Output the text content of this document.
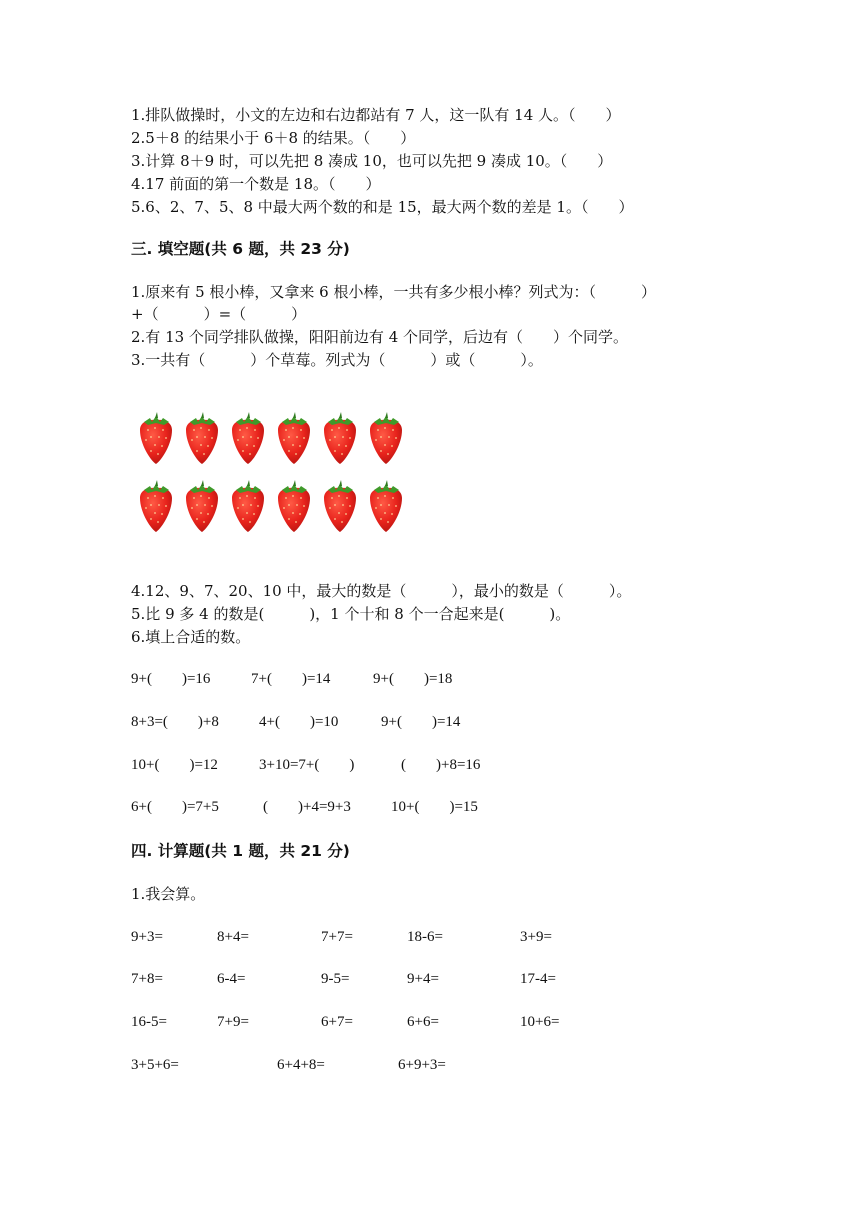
1.排队做操时，小文的左边和右边都站有 7 人，这一队有 14 人。（　　）
2.5＋8 的结果小于 6＋8 的结果。（　　）
3.计算 8＋9 时，可以先把 8 凑成 10，也可以先把 9 凑成 10。（　　）
4.17 前面的第一个数是 18。（　　）
5.6、2、7、5、8 中最大两个数的和是 15，最大两个数的差是 1。（　　）
三. 填空题(共 6 题，共 23 分)
1.原来有 5 根小棒，又拿来 6 根小棒，一共有多少根小棒？列式为：（　　　）
+（　　　）=（　　　）
2.有 13 个同学排队做操，阳阳前边有 4 个同学，后边有（　　）个同学。
3.一共有（　　　）个草莓。列式为（　　　）或（　　　）。
4.12、9、7、20、10 中，最大的数是（　　　），最小的数是（　　　）。
5.比 9 多 4 的数是(　　　)，1 个十和 8 个一合起来是(　　　)。
6.填上合适的数。
9+(　　)=16	7+(　　)=14	9+(　　)=18
8+3=(　　)+8	4+(　　)=10	9+(　　)=14
10+(　　)=12	3+10=7+(　　)	(　　)+8=16
6+(　　)=7+5	(　　)+4=9+3	10+(　　)=15
四. 计算题(共 1 题，共 21 分)
1.我会算。
9+3=	8+4=	7+7=	18-6=	3+9=
7+8=	6-4=	9-5=	9+4=	17-4=
16-5=	7+9=	6+7=	6+6=	10+6=
3+5+6=	6+4+8=	6+9+3=
